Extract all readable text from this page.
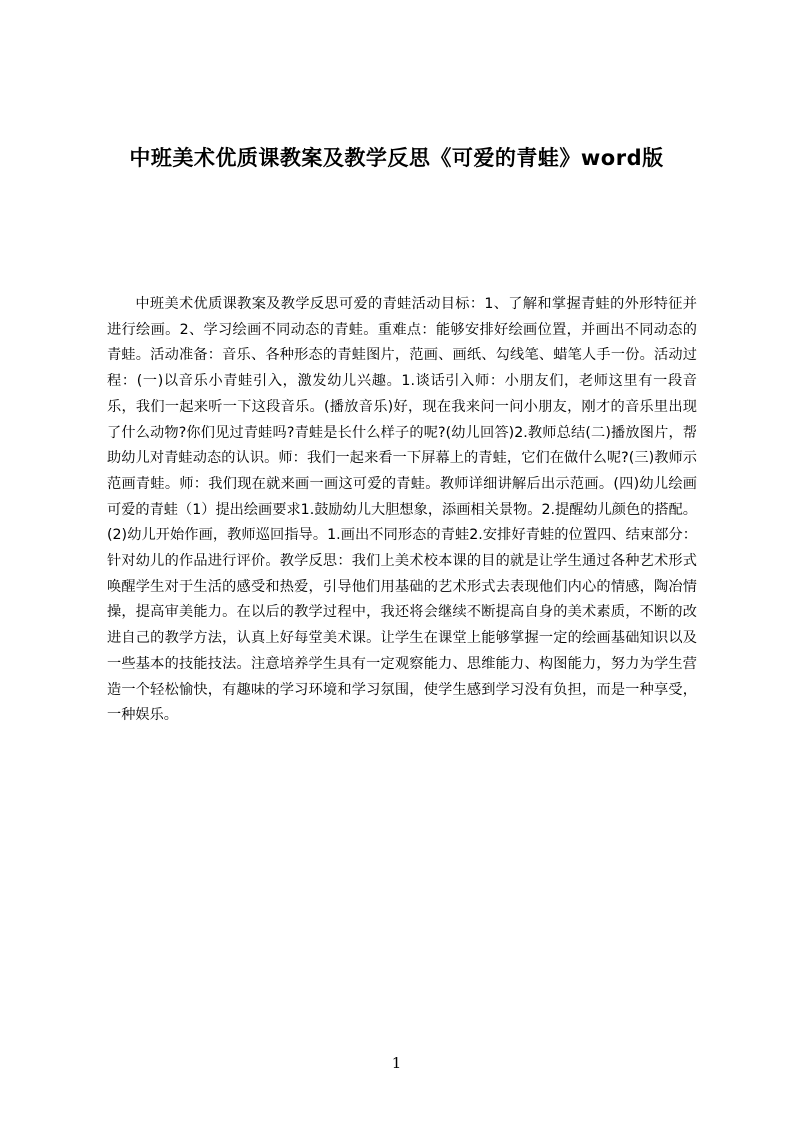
中班美术优质课教案及教学反思《可爱的青蛙》word版

中班美术优质课教案及教学反思可爱的青蛙活动目标：1、了解和掌握青蛙的外形特征并进行绘画。2、学习绘画不同动态的青蛙。重难点：能够安排好绘画位置，并画出不同动态的青蛙。活动准备：音乐、各种形态的青蛙图片，范画、画纸、勾线笔、蜡笔人手一份。活动过程：(一)以音乐小青蛙引入，激发幼儿兴趣。1.谈话引入师：小朋友们，老师这里有一段音乐，我们一起来听一下这段音乐。(播放音乐)好，现在我来问一问小朋友，刚才的音乐里出现了什么动物?你们见过青蛙吗?青蛙是长什么样子的呢?(幼儿回答)2.教师总结(二)播放图片，帮助幼儿对青蛙动态的认识。师：我们一起来看一下屏幕上的青蛙，它们在做什么呢?(三)教师示范画青蛙。师：我们现在就来画一画这可爱的青蛙。教师详细讲解后出示范画。(四)幼儿绘画可爱的青蛙（1）提出绘画要求1.鼓励幼儿大胆想象，添画相关景物。2.提醒幼儿颜色的搭配。(2)幼儿开始作画，教师巡回指导。1.画出不同形态的青蛙2.安排好青蛙的位置四、结束部分：针对幼儿的作品进行评价。教学反思：我们上美术校本课的目的就是让学生通过各种艺术形式唤醒学生对于生活的感受和热爱，引导他们用基础的艺术形式去表现他们内心的情感，陶冶情操，提高审美能力。在以后的教学过程中，我还将会继续不断提高自身的美术素质，不断的改进自己的教学方法，认真上好每堂美术课。让学生在课堂上能够掌握一定的绘画基础知识以及一些基本的技能技法。注意培养学生具有一定观察能力、思维能力、构图能力，努力为学生营造一个轻松愉快，有趣味的学习环境和学习氛围，使学生感到学习没有负担，而是一种享受，一种娱乐。

1
